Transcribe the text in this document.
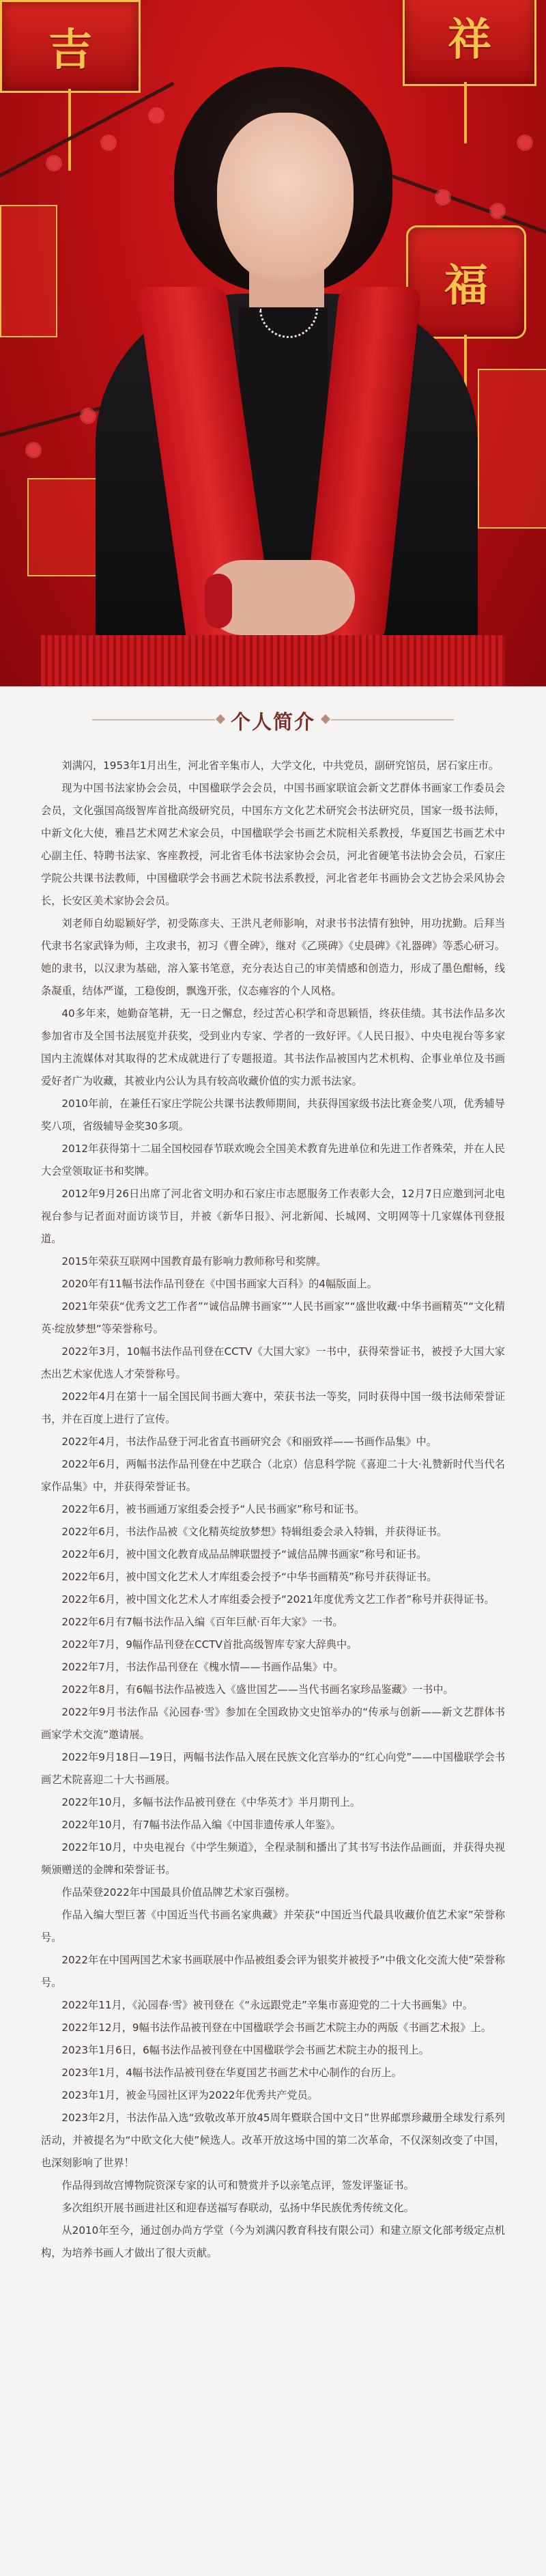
吉	祥
福
个人简介

刘满闪，1953年1月出生，河北省辛集市人，大学文化，中共党员，副研究馆员，居石家庄市。

现为中国书法家协会会员，中国楹联学会会员，中国书画家联谊会新文艺群体书画家工作委员会会员，文化强国高级智库首批高级研究员，中国东方文化艺术研究会书法研究员，国家一级书法师，中新文化大使，雅昌艺术网艺术家会员，中国楹联学会书画艺术院相关系教授，华夏国艺书画艺术中心副主任、特聘书法家、客座教授，河北省毛体书法家协会会员，河北省硬笔书法协会会员，石家庄学院公共课书法教师，中国楹联学会书画艺术院书法系教授，河北省老年书画协会文艺协会采风协会长，长安区美术家协会会员。

刘老师自幼聪颖好学，初受陈彦夫、王洪凡老师影响，对隶书书法情有独钟，用功扰勤。后拜当代隶书名家武锋为师，主攻隶书，初习《曹全碑》，继对《乙瑛碑》《史晨碑》《礼器碑》等悉心研习。她的隶书，以汉隶为基础，溶入篆书笔意，充分表达自己的审美情感和创造力，形成了墨色酣畅，线条凝重，结体严谨，工稳俊朗，飘逸开张，仪态雍容的个人风格。

40多年来，她勤奋笔耕，无一日之懈怠，经过苦心积学和奇思颖悟，终获佳绩。其书法作品多次参加省市及全国书法展览并获奖，受到业内专家、学者的一致好评。《人民日报》、中央电视台等多家国内主流媒体对其取得的艺术成就进行了专题报道。其书法作品被国内艺术机构、企事业单位及书画爱好者广为收藏，其被业内公认为具有较高收藏价值的实力派书法家。

2010年前，在兼任石家庄学院公共课书法教师期间，共获得国家级书法比赛金奖八项，优秀辅导奖八项，省级辅导金奖30多项。

2012年获得第十二届全国校园春节联欢晚会全国美术教育先进单位和先进工作者殊荣，并在人民大会堂领取证书和奖牌。

2012年9月26日出席了河北省文明办和石家庄市志愿服务工作表彰大会，12月7日应邀到河北电视台参与记者面对面访谈节目，并被《新华日报》、河北新闻、长城网、文明网等十几家媒体刊登报道。

2015年荣获互联网中国教育最有影响力教师称号和奖牌。

2020年有11幅书法作品刊登在《中国书画家大百科》的4幅版面上。

2021年荣获“优秀文艺工作者”“诚信品牌书画家”“人民书画家”“盛世收藏·中华书画精英”“文化精英·绽放梦想”等荣誉称号。

2022年3月，10幅书法作品刊登在CCTV《大国大家》一书中，获得荣誉证书，被授予大国大家杰出艺术家优选人才荣誉称号。

2022年4月在第十一届全国民间书画大赛中，荣获书法一等奖，同时获得中国一级书法师荣誉证书，并在百度上进行了宣传。

2022年4月，书法作品登于河北省直书画研究会《和丽致祥——书画作品集》中。

2022年6月，两幅书法作品刊登在中艺联合（北京）信息科学院《喜迎二十大·礼赞新时代当代名家作品集》中，并获得荣誉证书。

2022年6月，被书画通万家组委会授予“人民书画家”称号和证书。

2022年6月，书法作品被《文化精英绽放梦想》特辑组委会录入特辑，并获得证书。

2022年6月，被中国文化教育成品品牌联盟授予“诚信品牌书画家”称号和证书。

2022年6月，被中国文化艺术人才库组委会授予“中华书画精英”称号并获得证书。

2022年6月，被中国文化艺术人才库组委会授予“2021年度优秀文艺工作者”称号并获得证书。

2022年6月有7幅书法作品入编《百年巨献·百年大家》一书。

2022年7月，9幅作品刊登在CCTV首批高级智库专家大辞典中。

2022年7月，书法作品刊登在《槐水情——书画作品集》中。

2022年8月，有6幅书法作品被选入《盛世国艺——当代书画名家珍品鉴藏》一书中。

2022年9月书法作品《沁园春·雪》参加在全国政协文史馆举办的“传承与创新——新文艺群体书画家学术交流”邀请展。

2022年9月18日—19日，两幅书法作品入展在民族文化宫举办的“红心向党”——中国楹联学会书画艺术院喜迎二十大书画展。

2022年10月，多幅书法作品被刊登在《中华英才》半月期刊上。

2022年10月，有7幅书法作品入编《中国非遗传承人年鉴》。

2022年10月，中央电视台《中学生频道》，全程录制和播出了其书写书法作品画面，并获得央视频颁赠送的金牌和荣誉证书。

作品荣登2022年中国最具价值品牌艺术家百强榜。

作品入编大型巨著《中国近当代书画名家典藏》并荣获“中国近当代最具收藏价值艺术家”荣誉称号。

2022年在中国两国艺术家书画联展中作品被组委会评为银奖并被授予“中俄文化交流大使”荣誉称号。

2022年11月，《沁园春·雪》被刊登在《“永远跟党走”辛集市喜迎党的二十大书画集》中。

2022年12月，9幅书法作品被刊登在中国楹联学会书画艺术院主办的两版《书画艺术报》上。

2023年1月6日，6幅书法作品被刊登在中国楹联学会书画艺术院主办的报刊上。

2023年1月，4幅书法作品被刊登在华夏国艺书画艺术中心制作的台历上。

2023年1月，被金马园社区评为2022年优秀共产党员。

2023年2月，书法作品入选“致敬改革开放45周年暨联合国中文日”世界邮票珍藏册全球发行系列活动，并被提名为“中欧文化大使”候选人。改革开放这场中国的第二次革命，不仅深刻改变了中国，也深刻影响了世界！

作品得到故宫博物院资深专家的认可和赞赏并予以亲笔点评，签发评鉴证书。

多次组织开展书画进社区和迎春送福写春联动，弘扬中华民族优秀传统文化。

从2010年至今，通过创办尚方学堂（今为刘满闪教育科技有限公司）和建立原文化部考级定点机构，为培养书画人才做出了很大贡献。
